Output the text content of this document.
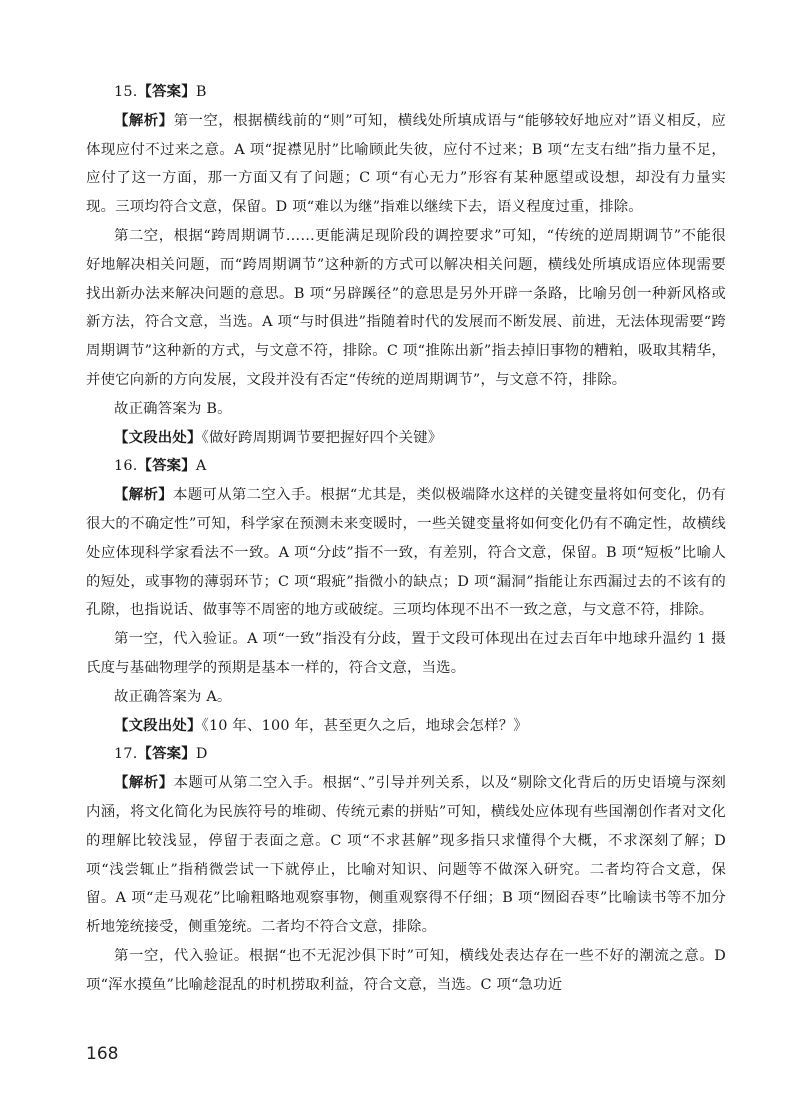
15.【答案】B

【解析】第一空，根据横线前的“则”可知，横线处所填成语与“能够较好地应对”语义相反，应体现应付不过来之意。A 项“捉襟见肘”比喻顾此失彼，应付不过来；B 项“左支右绌”指力量不足，应付了这一方面，那一方面又有了问题；C 项“有心无力”形容有某种愿望或设想，却没有力量实现。三项均符合文意，保留。D 项“难以为继”指难以继续下去，语义程度过重，排除。

第二空，根据“跨周期调节……更能满足现阶段的调控要求”可知，“传统的逆周期调节”不能很好地解决相关问题，而“跨周期调节”这种新的方式可以解决相关问题，横线处所填成语应体现需要找出新办法来解决问题的意思。B 项“另辟蹊径”的意思是另外开辟一条路，比喻另创一种新风格或新方法，符合文意，当选。A 项“与时俱进”指随着时代的发展而不断发展、前进，无法体现需要“跨周期调节”这种新的方式，与文意不符，排除。C 项“推陈出新”指去掉旧事物的糟粕，吸取其精华，并使它向新的方向发展，文段并没有否定“传统的逆周期调节”，与文意不符，排除。

故正确答案为 B。

【文段出处】《做好跨周期调节要把握好四个关键》

16.【答案】A

【解析】本题可从第二空入手。根据“尤其是，类似极端降水这样的关键变量将如何变化，仍有很大的不确定性”可知，科学家在预测未来变暖时，一些关键变量将如何变化仍有不确定性，故横线处应体现科学家看法不一致。A 项“分歧”指不一致，有差别，符合文意，保留。B 项“短板”比喻人的短处，或事物的薄弱环节；C 项“瑕疵”指微小的缺点；D 项“漏洞”指能让东西漏过去的不该有的孔隙，也指说话、做事等不周密的地方或破绽。三项均体现不出不一致之意，与文意不符，排除。

第一空，代入验证。A 项“一致”指没有分歧，置于文段可体现出在过去百年中地球升温约 1 摄氏度与基础物理学的预期是基本一样的，符合文意，当选。

故正确答案为 A。

【文段出处】《10 年、100 年，甚至更久之后，地球会怎样？》

17.【答案】D

【解析】本题可从第二空入手。根据“、”引导并列关系，以及“剔除文化背后的历史语境与深刻内涵，将文化简化为民族符号的堆砌、传统元素的拼贴”可知，横线处应体现有些国潮创作者对文化的理解比较浅显，停留于表面之意。C 项“不求甚解”现多指只求懂得个大概，不求深刻了解；D 项“浅尝辄止”指稍微尝试一下就停止，比喻对知识、问题等不做深入研究。二者均符合文意，保留。A 项“走马观花”比喻粗略地观察事物，侧重观察得不仔细；B 项“囫囵吞枣”比喻读书等不加分析地笼统接受，侧重笼统。二者均不符合文意，排除。

第一空，代入验证。根据“也不无泥沙俱下时”可知，横线处表达存在一些不好的潮流之意。D 项“浑水摸鱼”比喻趁混乱的时机捞取利益，符合文意，当选。C 项“急功近

168
